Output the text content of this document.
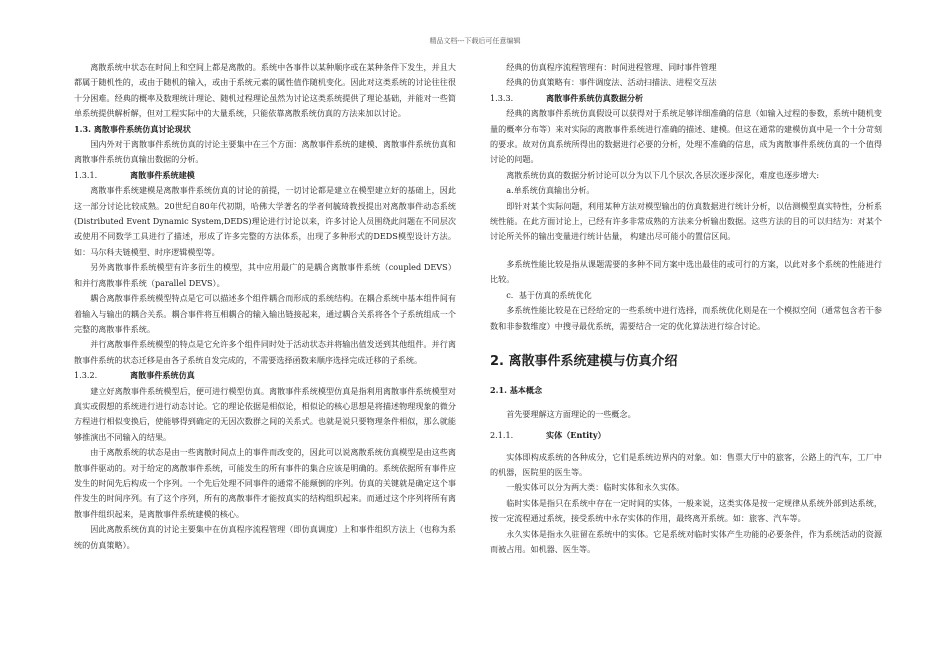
精品文档---下载后可任意编辑

离散系统中状态在时间上和空间上都是离散的。系统中各事件以某种顺序或在某种条件下发生，并且大都属于随机性的，或由于随机的输入，或由于系统元素的属性值作随机变化。因此对这类系统的讨论往往很十分困难。经典的概率及数理统计理论、随机过程理论虽然为讨论这类系统提供了理论基础，并能对一些简单系统提供解析解，但对工程实际中的大量系统，只能依靠离散系统仿真的方法来加以讨论。

1.3. 离散事件系统仿真讨论现状

国内外对于离散事件系统仿真的讨论主要集中在三个方面：离散事件系统的建模、离散事件系统仿真和离散事件系统仿真输出数据的分析。

1.3.1.	离散事件系统建模

离散事件系统建模是离散事件系统仿真的讨论的前提，一切讨论都是建立在模型建立好的基础上，因此这一部分讨论比较成熟。20世纪自80年代初期，哈佛大学著名的学者何毓琦教授提出对离散事件动态系统(Distributed Event Dynamic System,DEDS)理论进行讨论以来，许多讨论人员围绕此问题在不同层次或使用不同数学工具进行了描述，形成了许多完整的方法体系，出现了多种形式的DEDS模型设计方法。如：马尔科夫链模型、时序逻辑模型等。

另外离散事件系统模型有许多衍生的模型，其中应用最广的是耦合离散事件系统（coupled DEVS）和并行离散事件系统（parallel DEVS）。

耦合离散事件系统模型特点是它可以描述多个组件耦合而形成的系统结构。在耦合系统中基本组件间有着输入与输出的耦合关系。耦合事件将互相耦合的输入输出链接起来，通过耦合关系将各个子系统组成一个完整的离散事件系统。

并行离散事件系统模型的特点是它允许多个组件同时处于活动状态并将输出值发送到其他组件。并行离散事件系统的状态迁移是由各子系统自发完成的，不需要选择函数来顺序选择完成迁移的子系统。

1.3.2.	离散事件系统仿真

建立好离散事件系统模型后，便可进行模型仿真。离散事件系统模型仿真是指利用离散事件系统模型对真实或假想的系统进行进行动态讨论。它的理论依据是相似论，相似论的核心思想是将描述物理现象的微分方程进行相似变换后，使能够得到确定的无因次数群之间的关系式。也就是说只要物理条件相似，那么就能够推演出不同输入的结果。

由于离散系统的状态是由一些离散时间点上的事件而改变的，因此可以说离散系统仿真模型是由这些离散事件驱动的。对于给定的离散事件系统，可能发生的所有事件的集合应该是明确的。系统依据所有事件应发生的时间先后构成一个序列。一个先后处理不同事件的通常不能颠倒的序列。仿真的关键就是确定这个事件发生的时间序列。有了这个序列，所有的离散事件才能按真实的结构组织起来。而通过这个序列将所有离散事件组织起来，是离散事件系统建模的核心。

因此离散系统仿真的讨论主要集中在仿真程序流程管理（即仿真调度）上和事件组织方法上（也称为系统的仿真策略）。

经典的仿真程序流程管理有：时间进程管理、同时事件管理

经典的仿真策略有：事件调度法、活动扫描法、进程交互法

1.3.3.	离散事件系统仿真数据分析

经典的离散事件系统仿真假设可以获得对于系统足够详细准确的信息（如输入过程的参数，系统中随机变量的概率分布等）来对实际的离散事件系统进行准确的描述、建模。但这在通常的建模仿真中是一个十分苛刻的要求。故对仿真系统所得出的数据进行必要的分析，处理不准确的信息，成为离散事件系统仿真的一个值得讨论的问题。

离散系统仿真的数据分析讨论可以分为以下几个层次,各层次逐步深化，难度也逐步增大:

a.单系统仿真输出分析。

即针对某个实际问题，利用某种方法对模型输出的仿真数据进行统计分析，以估测模型真实特性，分析系统性能。在此方面讨论上，已经有许多非常成熟的方法来分析输出数据。这些方法的目的可以归结为：对某个讨论所关怀的输出变量进行统计估量， 构建出尽可能小的置信区间。

多系统性能比较是指从课题需要的多种不同方案中选出最佳的或可行的方案，以此对多个系统的性能进行比较。

c．基于仿真的系统优化

多系统性能比较是在已经给定的一些系统中进行选择，而系统优化则是在一个模拟空间（通常包含若干参数和非参数维度）中搜寻最优系统，需要结合一定的优化算法进行综合讨论。

2. 离散事件系统建模与仿真介绍
2.1. 基本概念

首先要理解这方面理论的一些概念。

2.1.1.	实体（Entity）

实体即构成系统的各种成分，它们是系统边界内的对象。如：售票大厅中的旅客，公路上的汽车，工厂中的机器，医院里的医生等。

一般实体可以分为两大类：临时实体和永久实体。

临时实体是指只在系统中存在一定时间的实体，一般来说，这类实体是按一定规律从系统外部到达系统，按一定流程通过系统，接受系统中永存实体的作用，最终离开系统。如：旅客、汽车等。

永久实体是指永久驻留在系统中的实体。它是系统对临时实体产生功能的必要条件，作为系统活动的资源而被占用。如机器、医生等。
